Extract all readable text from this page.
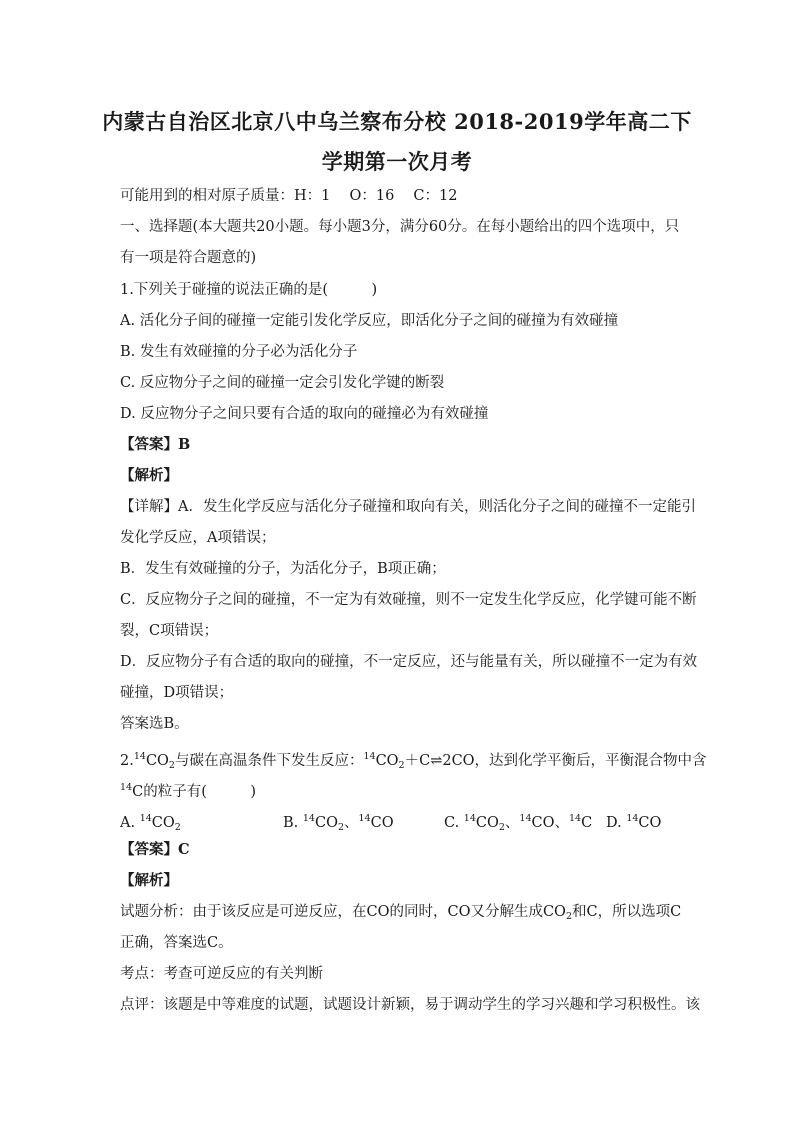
内蒙古自治区北京八中乌兰察布分校 2018-2019学年高二下
学期第一次月考
可能用到的相对原子质量：H：1　 O：16　 C：12
一、选择题(本大题共20小题。每小题3分，满分60分。在每小题给出的四个选项中，只
有一项是符合题意的)
1.下列关于碰撞的说法正确的是(　　　)
A. 活化分子间的碰撞一定能引发化学反应，即活化分子之间的碰撞为有效碰撞
B. 发生有效碰撞的分子必为活化分子
C. 反应物分子之间的碰撞一定会引发化学键的断裂
D. 反应物分子之间只要有合适的取向的碰撞必为有效碰撞
【答案】B
【解析】
【详解】A．发生化学反应与活化分子碰撞和取向有关，则活化分子之间的碰撞不一定能引
发化学反应，A项错误；
B．发生有效碰撞的分子，为活化分子，B项正确；
C．反应物分子之间的碰撞，不一定为有效碰撞，则不一定发生化学反应，化学键可能不断
裂，C项错误；
D．反应物分子有合适的取向的碰撞，不一定反应，还与能量有关，所以碰撞不一定为有效
碰撞，D项错误；
答案选B。
$2.14CO_2$与碳在高温条件下发生反应：$^{14}CO_2+C\rightleftharpoons 2CO$，达到化学平衡后，平衡混合物中含
$^{14}$C的粒子有(　　　)
A. $^{14}CO_2$	B. $^{14}CO_2$、$^{14}$CO	C. $^{14}CO_2$、$^{14}$CO、$^{14}$C D. $^{14}$CO
【答案】C
【解析】
试题分析：由于该反应是可逆反应，在CO的同时，CO又分解生成$CO_2$和C，所以选项C
正确，答案选C。
考点：考查可逆反应的有关判断
点评：该题是中等难度的试题，试题设计新颖，易于调动学生的学习兴趣和学习积极性。该
